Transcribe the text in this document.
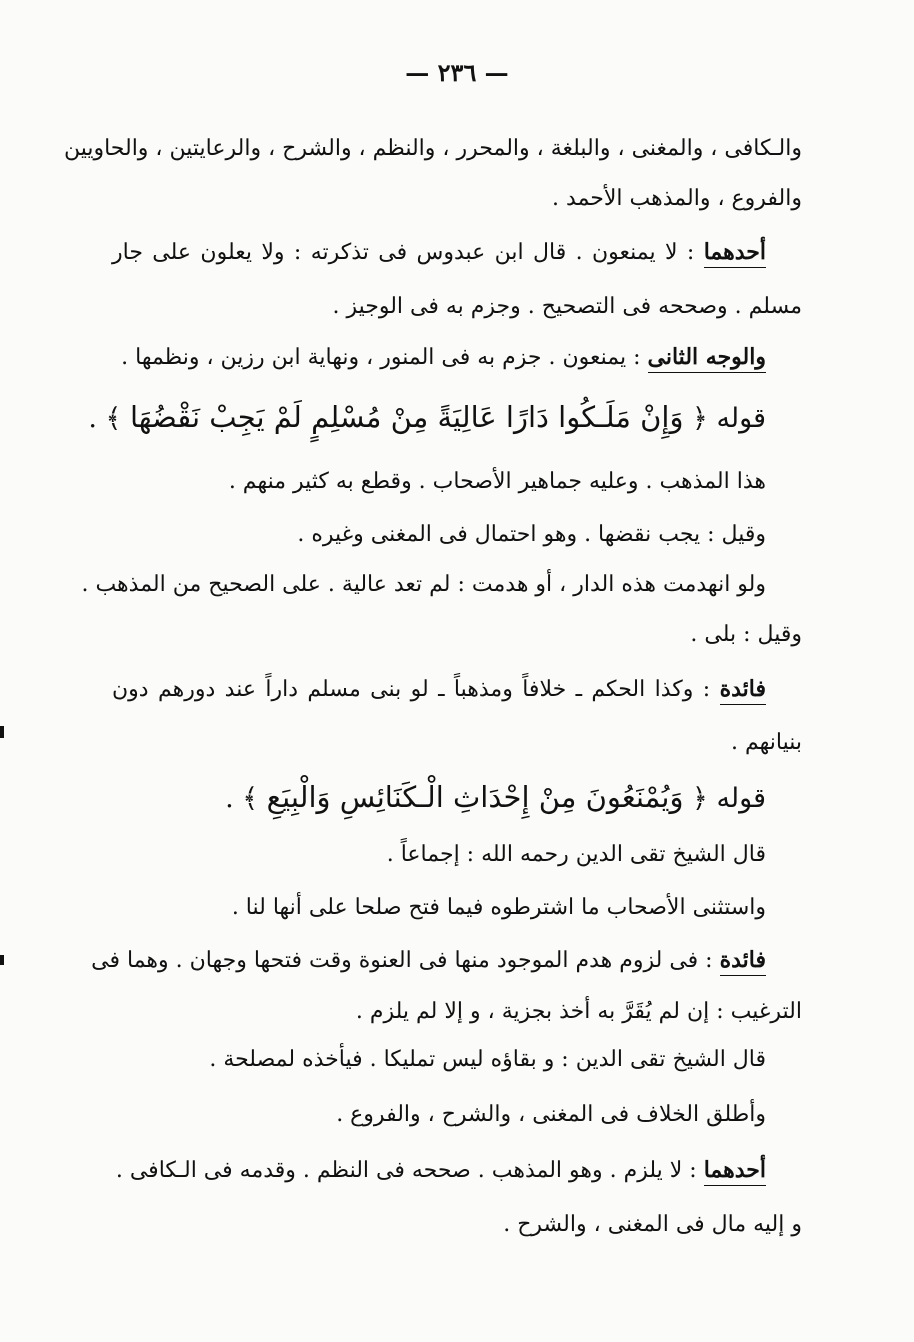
— ٢٣٦ —
والـكافى ، والمغنى ، والبلغة ، والمحرر ، والنظم ، والشرح ، والرعايتين ، والحاويين
والفروع ، والمذهب الأحمد .
أحدهما : لا يمنعون . قال ابن عبدوس فى تذكرته : ولا يعلون على جار
مسلم . وصححه فى التصحيح . وجزم به فى الوجيز .
والوجه الثانى : يمنعون . جزم به فى المنور ، ونهاية ابن رزين ، ونظمها .
قوله ﴿ وَإِنْ مَلَـكُوا دَارًا عَالِيَةً مِنْ مُسْلِمٍ لَمْ يَجِبْ نَقْضُهَا ﴾ .
هذا المذهب . وعليه جماهير الأصحاب . وقطع به كثير منهم .
وقيل : يجب نقضها . وهو احتمال فى المغنى وغيره .
ولو انهدمت هذه الدار ، أو هدمت : لم تعد عالية . على الصحيح من المذهب .
وقيل : بلى .
فائدة : وكذا الحكم ـ خلافاً ومذهباً ـ لو بنى مسلم داراً عند دورهم دون
بنيانهم .
قوله ﴿ وَيُمْنَعُونَ مِنْ إِحْدَاثِ الْـكَنَائِسِ وَالْبِيَعِ ﴾ .
قال الشيخ تقى الدين رحمه الله : إجماعاً .
واستثنى الأصحاب ما اشترطوه فيما فتح صلحا على أنها لنا .
فائدة : فى لزوم هدم الموجود منها فى العنوة وقت فتحها وجهان . وهما فى
الترغيب : إن لم يُقَرَّ به أخذ بجزية ، و إلا لم يلزم .
قال الشيخ تقى الدين : و بقاؤه ليس تمليكا . فيأخذه لمصلحة .
وأطلق الخلاف فى المغنى ، والشرح ، والفروع .
أحدهما : لا يلزم . وهو المذهب . صححه فى النظم . وقدمه فى الـكافى .
و إليه مال فى المغنى ، والشرح .
